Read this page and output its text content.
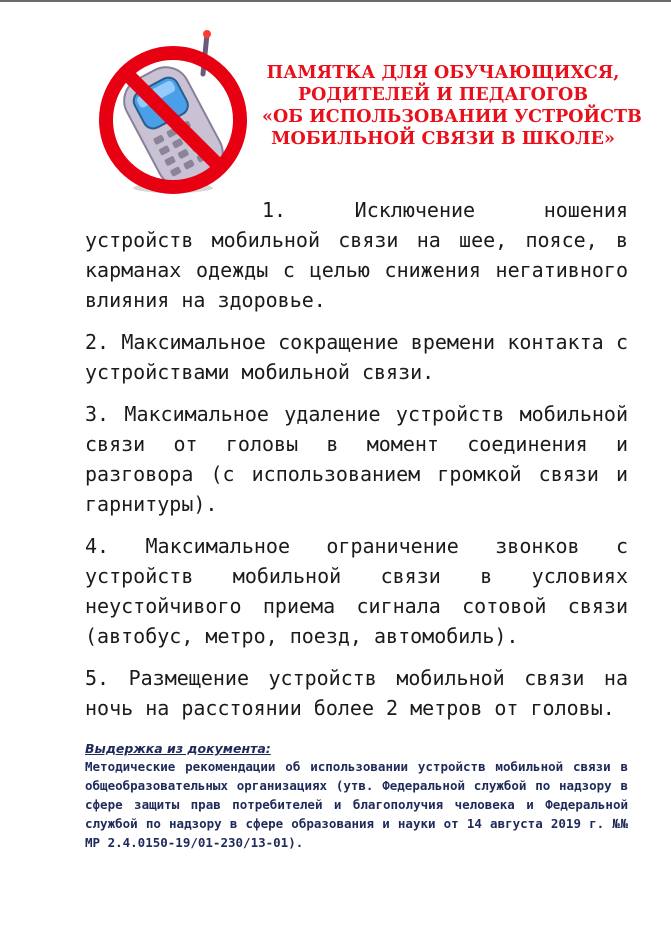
ПАМЯТКА ДЛЯ ОБУЧАЮЩИХСЯ,
РОДИТЕЛЕЙ И ПЕДАГОГОВ
«ОБ ИСПОЛЬЗОВАНИИ УСТРОЙСТВ
МОБИЛЬНОЙ СВЯЗИ В ШКОЛЕ»

1. Исключение ношения устройств мобильной связи на шее, поясе, в карманах одежды с целью снижения негативного влияния на здоровье.

2. Максимальное сокращение времени контакта с устройствами мобильной связи.

3. Максимальное удаление устройств мобильной связи от головы в момент соединения и разговора (с использованием громкой связи и гарнитуры).

4. Максимальное ограничение звонков с устройств мобильной связи в условиях неустойчивого приема сигнала сотовой связи (автобус, метро, поезд, автомобиль).

5. Размещение устройств мобильной связи на ночь на расстоянии более 2 метров от головы.

Выдержка из документа:

Методические рекомендации об использовании устройств мобильной связи в общеобразовательных организациях (утв. Федеральной службой по надзору в сфере защиты прав потребителей и благополучия человека и Федеральной службой по надзору в сфере образования и науки от 14 августа 2019 г. №№ МР 2.4.0150-19/01-230/13-01).
